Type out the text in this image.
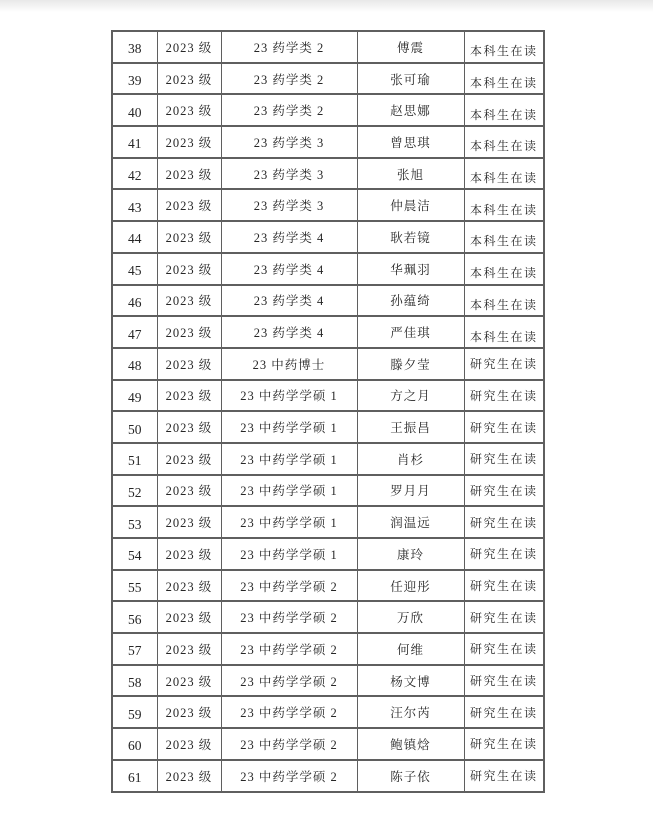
38	2023 级	23 药学类 2	傅震	本科生在读
39	2023 级	23 药学类 2	张可瑜	本科生在读
40	2023 级	23 药学类 2	赵思娜	本科生在读
41	2023 级	23 药学类 3	曾思琪	本科生在读
42	2023 级	23 药学类 3	张旭	本科生在读
43	2023 级	23 药学类 3	仲晨洁	本科生在读
44	2023 级	23 药学类 4	耿若镜	本科生在读
45	2023 级	23 药学类 4	华珮羽	本科生在读
46	2023 级	23 药学类 4	孙蕴绮	本科生在读
47	2023 级	23 药学类 4	严佳琪	本科生在读
48	2023 级	23 中药博士	滕夕莹	研究生在读
49	2023 级	23 中药学学硕 1	方之月	研究生在读
50	2023 级	23 中药学学硕 1	王振昌	研究生在读
51	2023 级	23 中药学学硕 1	肖杉	研究生在读
52	2023 级	23 中药学学硕 1	罗月月	研究生在读
53	2023 级	23 中药学学硕 1	润温远	研究生在读
54	2023 级	23 中药学学硕 1	康玲	研究生在读
55	2023 级	23 中药学学硕 2	任迎彤	研究生在读
56	2023 级	23 中药学学硕 2	万欣	研究生在读
57	2023 级	23 中药学学硕 2	何维	研究生在读
58	2023 级	23 中药学学硕 2	杨文博	研究生在读
59	2023 级	23 中药学学硕 2	汪尔芮	研究生在读
60	2023 级	23 中药学学硕 2	鲍镇焓	研究生在读
61	2023 级	23 中药学学硕 2	陈子依	研究生在读
